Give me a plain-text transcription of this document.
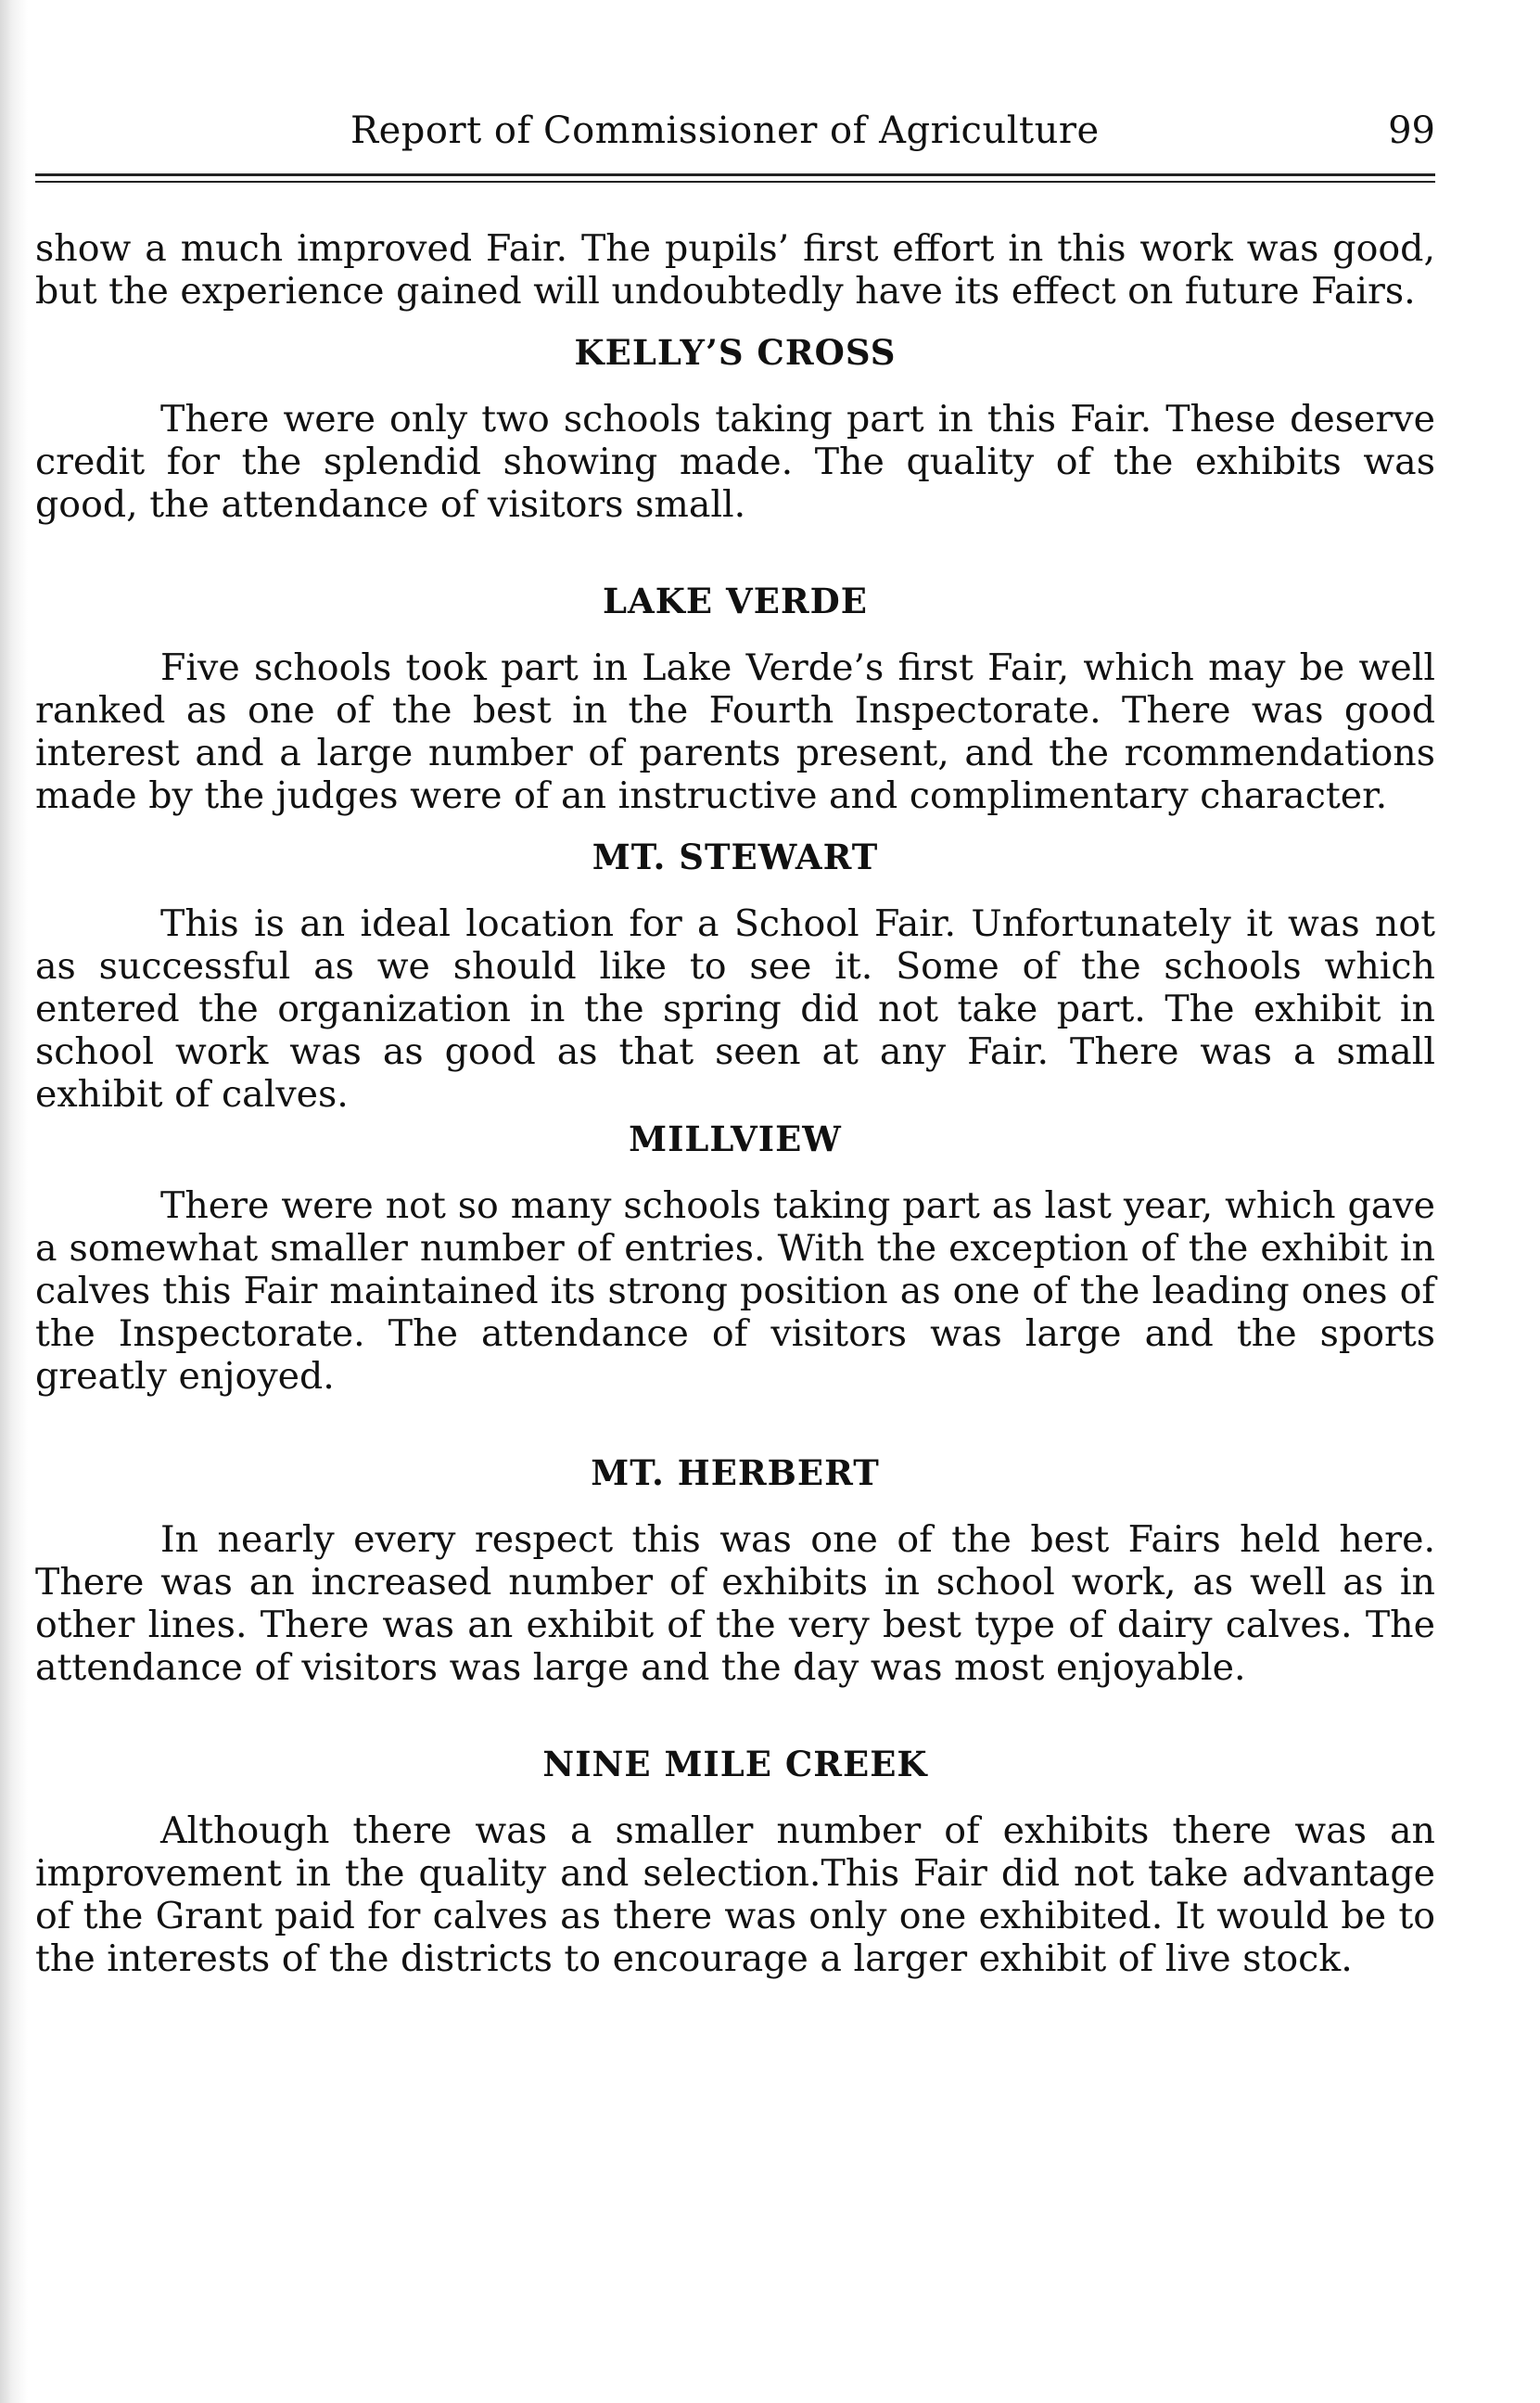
Report of Commissioner of Agriculture	99

show a much improved Fair. The pupils’ first effort in this work was good, but the experience gained will undoubtedly have its effect on future Fairs.

KELLY’S CROSS

There were only two schools taking part in this Fair. These deserve credit for the splendid showing made. The quality of the exhibits was good, the attendance of visitors small.

LAKE VERDE

Five schools took part in Lake Verde’s first Fair, which may be well ranked as one of the best in the Fourth Inspectorate. There was good interest and a large number of parents present, and the rcommendations made by the judges were of an instructive and complimentary character.

MT. STEWART

This is an ideal location for a School Fair. Unfortunately it was not as successful as we should like to see it. Some of the schools which entered the organization in the spring did not take part. The exhibit in school work was as good as that seen at any Fair. There was a small exhibit of calves.

MILLVIEW

There were not so many schools taking part as last year, which gave a somewhat smaller number of entries. With the exception of the exhibit in calves this Fair maintained its strong position as one of the leading ones of the Inspectorate. The attendance of visitors was large and the sports greatly enjoyed.

MT. HERBERT

In nearly every respect this was one of the best Fairs held here. There was an increased number of exhibits in school work, as well as in other lines. There was an exhibit of the very best type of dairy calves. The attendance of visitors was large and the day was most enjoyable.

NINE MILE CREEK

Although there was a smaller number of exhibits there was an improvement in the quality and selection.This Fair did not take advantage of the Grant paid for calves as there was only one exhibited. It would be to the interests of the districts to encourage a larger exhibit of live stock.
